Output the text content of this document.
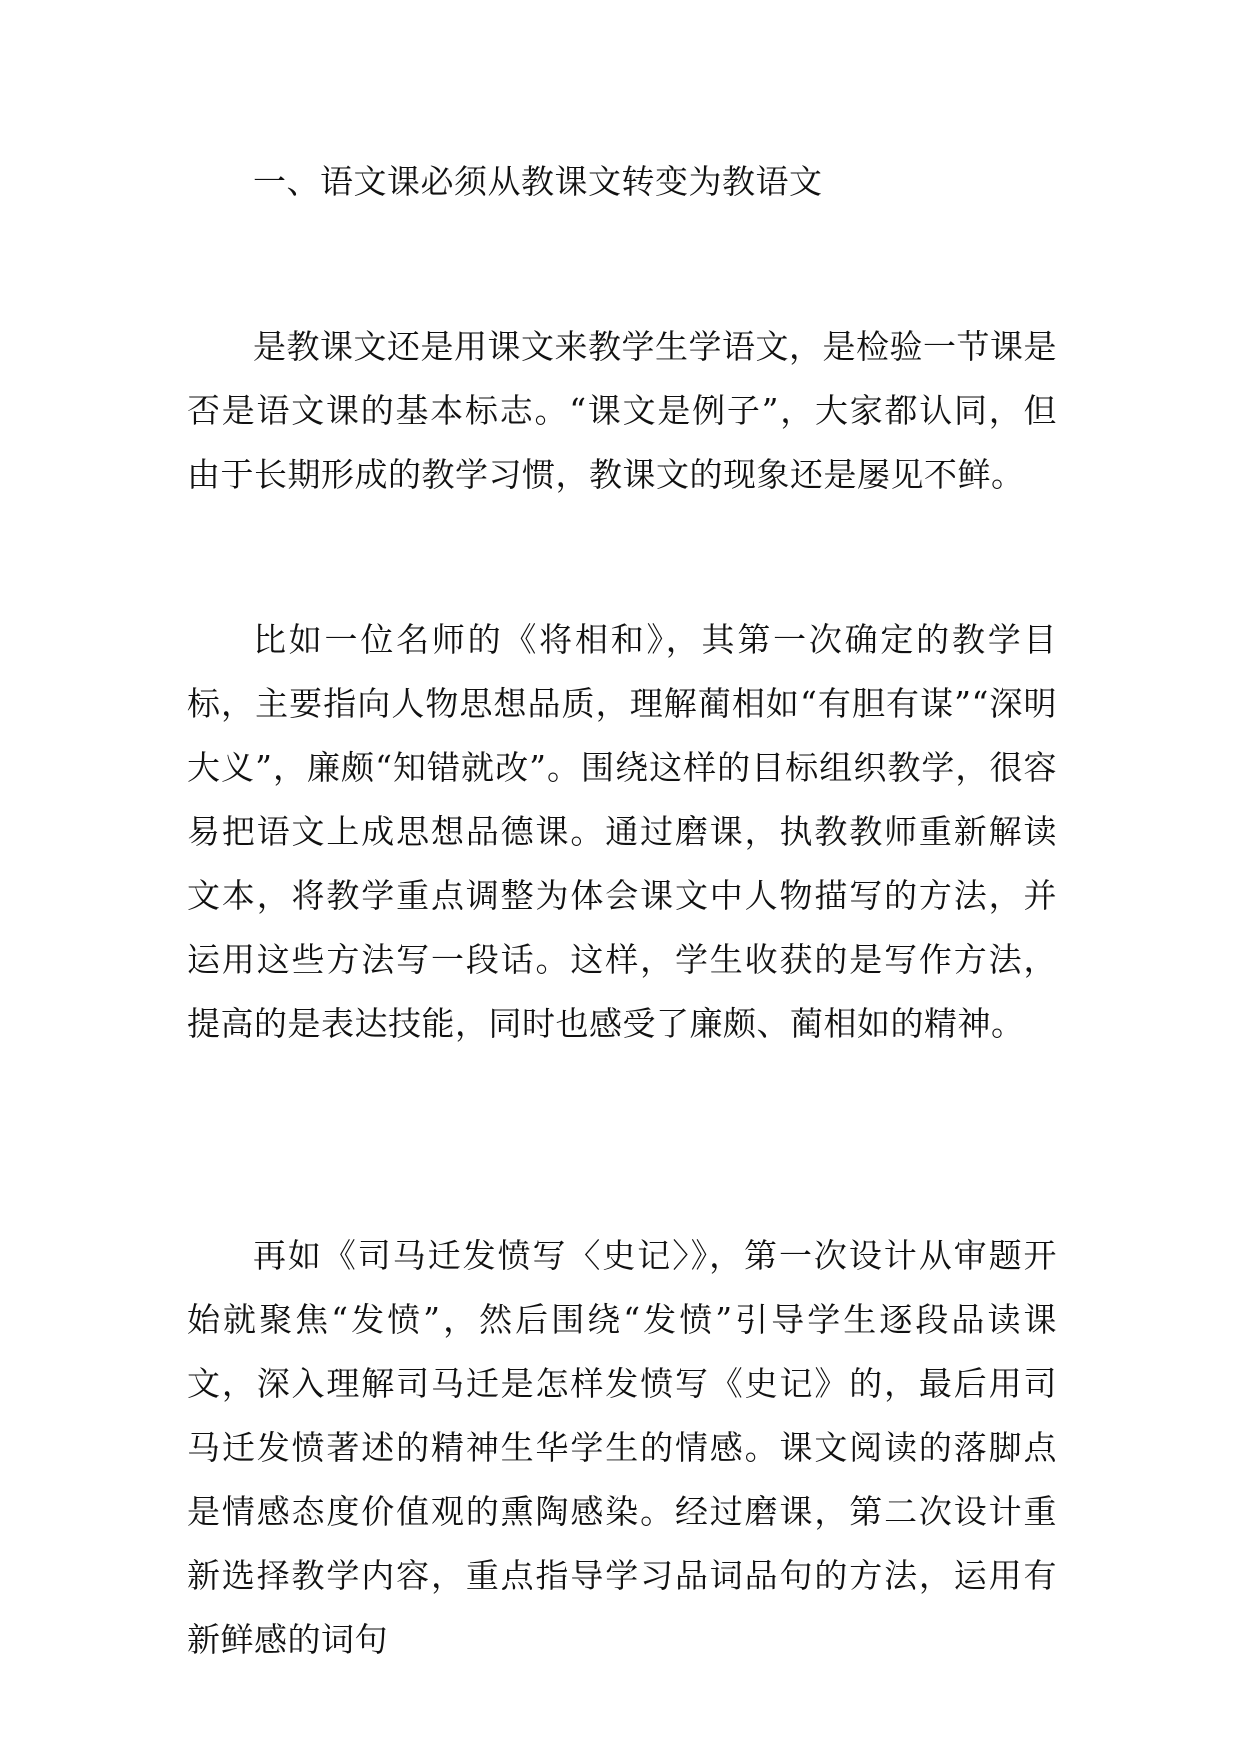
一、语文课必须从教课文转变为教语文

是教课文还是用课文来教学生学语文，是检验一节课是否是语文课的基本标志。“课文是例子”，大家都认同，但由于长期形成的教学习惯，教课文的现象还是屡见不鲜。

比如一位名师的《将相和》，其第一次确定的教学目标，主要指向人物思想品质，理解蔺相如“有胆有谋”“深明大义”，廉颇“知错就改”。围绕这样的目标组织教学，很容易把语文上成思想品德课。通过磨课，执教教师重新解读文本，将教学重点调整为体会课文中人物描写的方法，并运用这些方法写一段话。这样，学生收获的是写作方法，提高的是表达技能，同时也感受了廉颇、蔺相如的精神。

再如《司马迁发愤写〈史记〉》，第一次设计从审题开始就聚焦“发愤”，然后围绕“发愤”引导学生逐段品读课文，深入理解司马迁是怎样发愤写《史记》的，最后用司马迁发愤著述的精神生华学生的情感。课文阅读的落脚点是情感态度价值观的熏陶感染。经过磨课，第二次设计重新选择教学内容，重点指导学习品词品句的方法，运用有新鲜感的词句
